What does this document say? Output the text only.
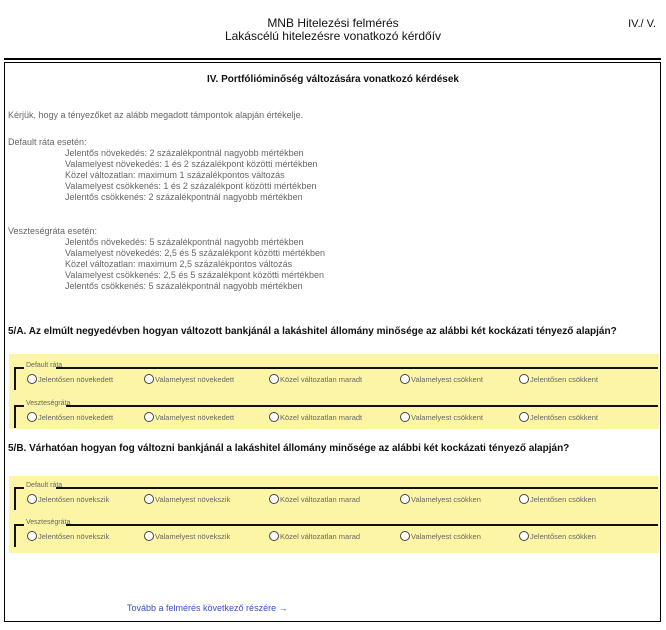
MNB Hitelezési felmérés
Lakáscélú hitelezésre vonatkozó kérdőív
IV./ V.
IV. Portfólióminőség változására vonatkozó kérdések
Kérjük, hogy a tényezőket az alább megadott támpontok alapján értékelje.
Default ráta esetén:
Jelentős növekedés: 2 százalékpontnál nagyobb mértékben
Valamelyest növekedés: 1 és 2 százalékpont közötti mértékben
Közel változatlan: maximum 1 százalékpontos változás
Valamelyest csökkenés: 1 és 2 százalékpont közötti mértékben
Jelentős csökkenés: 2 százalékpontnál nagyobb mértékben
Veszteségráta esetén:
Jelentős növekedés: 5 százalékpontnál nagyobb mértékben
Valamelyest növekedés: 2,5 és 5 százalékpont közötti mértékben
Közel változatlan: maximum 2,5 százalékpontos változás
Valamelyest csökkenés: 2,5 és 5 százalékpont közötti mértékben
Jelentős csökkenés: 5 százalékpontnál nagyobb mértékben
5/A. Az elmúlt negyedévben hogyan változott bankjánál a lakáshitel állomány minősége az alábbi két kockázati tényező alapján?
Default ráta
Jelentősen növekedett	Valamelyest növekedett	Közel változatlan maradt	Valamelyest csökkent	Jelentősen csökkent
Veszteségráta
Jelentősen növekedett	Valamelyest növekedett	Közel változatlan maradt	Valamelyest csökkent	Jelentősen csökkent
5/B. Várhatóan hogyan fog változni bankjánál a lakáshitel állomány minősége az alábbi két kockázati tényező alapján?
Default ráta
Jelentősen növekszik	Valamelyest növekszik	Közel változatlan marad	Valamelyest csökken	Jelentősen csökken
Veszteségráta
Jelentősen növekszik	Valamelyest növekszik	Közel változatlan marad	Valamelyest csökken	Jelentősen csökken
Tovább a felmérés következő részére →
